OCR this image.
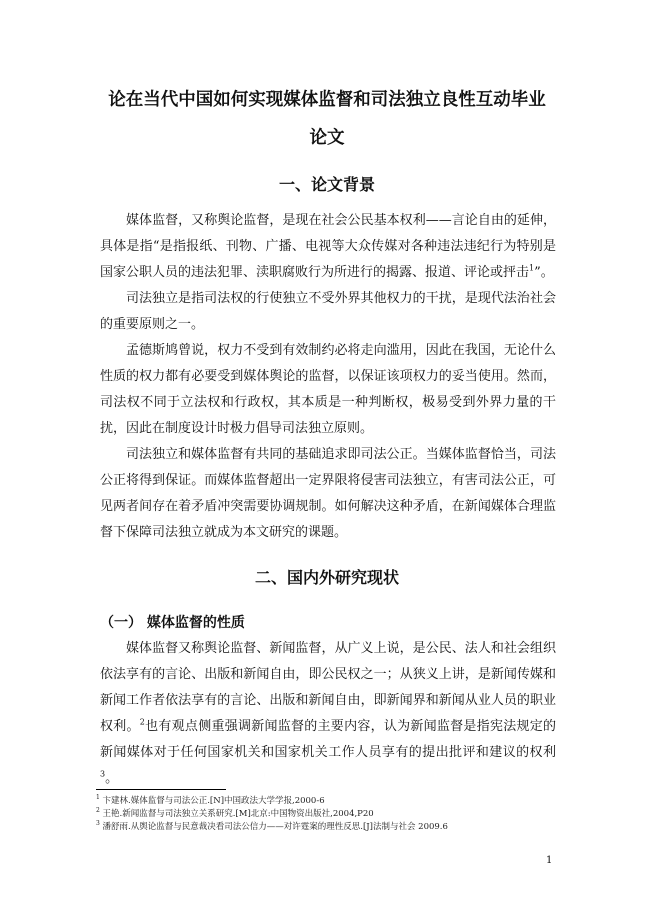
论在当代中国如何实现媒体监督和司法独立良性互动毕业
论文
一、论文背景

媒体监督，又称舆论监督，是现在社会公民基本权利——言论自由的延伸，具体是指“是指报纸、刊物、广播、电视等大众传媒对各种违法违纪行为特别是国家公职人员的违法犯罪、渎职腐败行为所进行的揭露、报道、评论或抨击$^1$”。

司法独立是指司法权的行使独立不受外界其他权力的干扰，是现代法治社会的重要原则之一。

孟德斯鸠曾说，权力不受到有效制约必将走向滥用，因此在我国，无论什么性质的权力都有必要受到媒体舆论的监督，以保证该项权力的妥当使用。然而，司法权不同于立法权和行政权，其本质是一种判断权，极易受到外界力量的干扰，因此在制度设计时极力倡导司法独立原则。

司法独立和媒体监督有共同的基础追求即司法公正。当媒体监督恰当，司法公正将得到保证。而媒体监督超出一定界限将侵害司法独立，有害司法公正，可见两者间存在着矛盾冲突需要协调规制。如何解决这种矛盾，在新闻媒体合理监督下保障司法独立就成为本文研究的课题。

二、国内外研究现状
（一） 媒体监督的性质

媒体监督又称舆论监督、新闻监督，从广义上说，是公民、法人和社会组织依法享有的言论、出版和新闻自由，即公民权之一；从狭义上讲，是新闻传媒和新闻工作者依法享有的言论、出版和新闻自由，即新闻界和新闻从业人员的职业权利。$^2$也有观点侧重强调新闻监督的主要内容，认为新闻监督是指宪法规定的新闻媒体对于任何国家机关和国家机关工作人员享有的提出批评和建议的权利$^3$。

$^1$ 卞建林.媒体监督与司法公正.[N]中国政法大学学报,2000-6
$^2$ 王艳.新闻监督与司法独立关系研究.[M]北京:中国物资出版社,2004,P20
$^3$ 潘舒雨.从舆论监督与民意裁决看司法公信力——对许霆案的理性反思.[J]法制与社会 2009.6
1
